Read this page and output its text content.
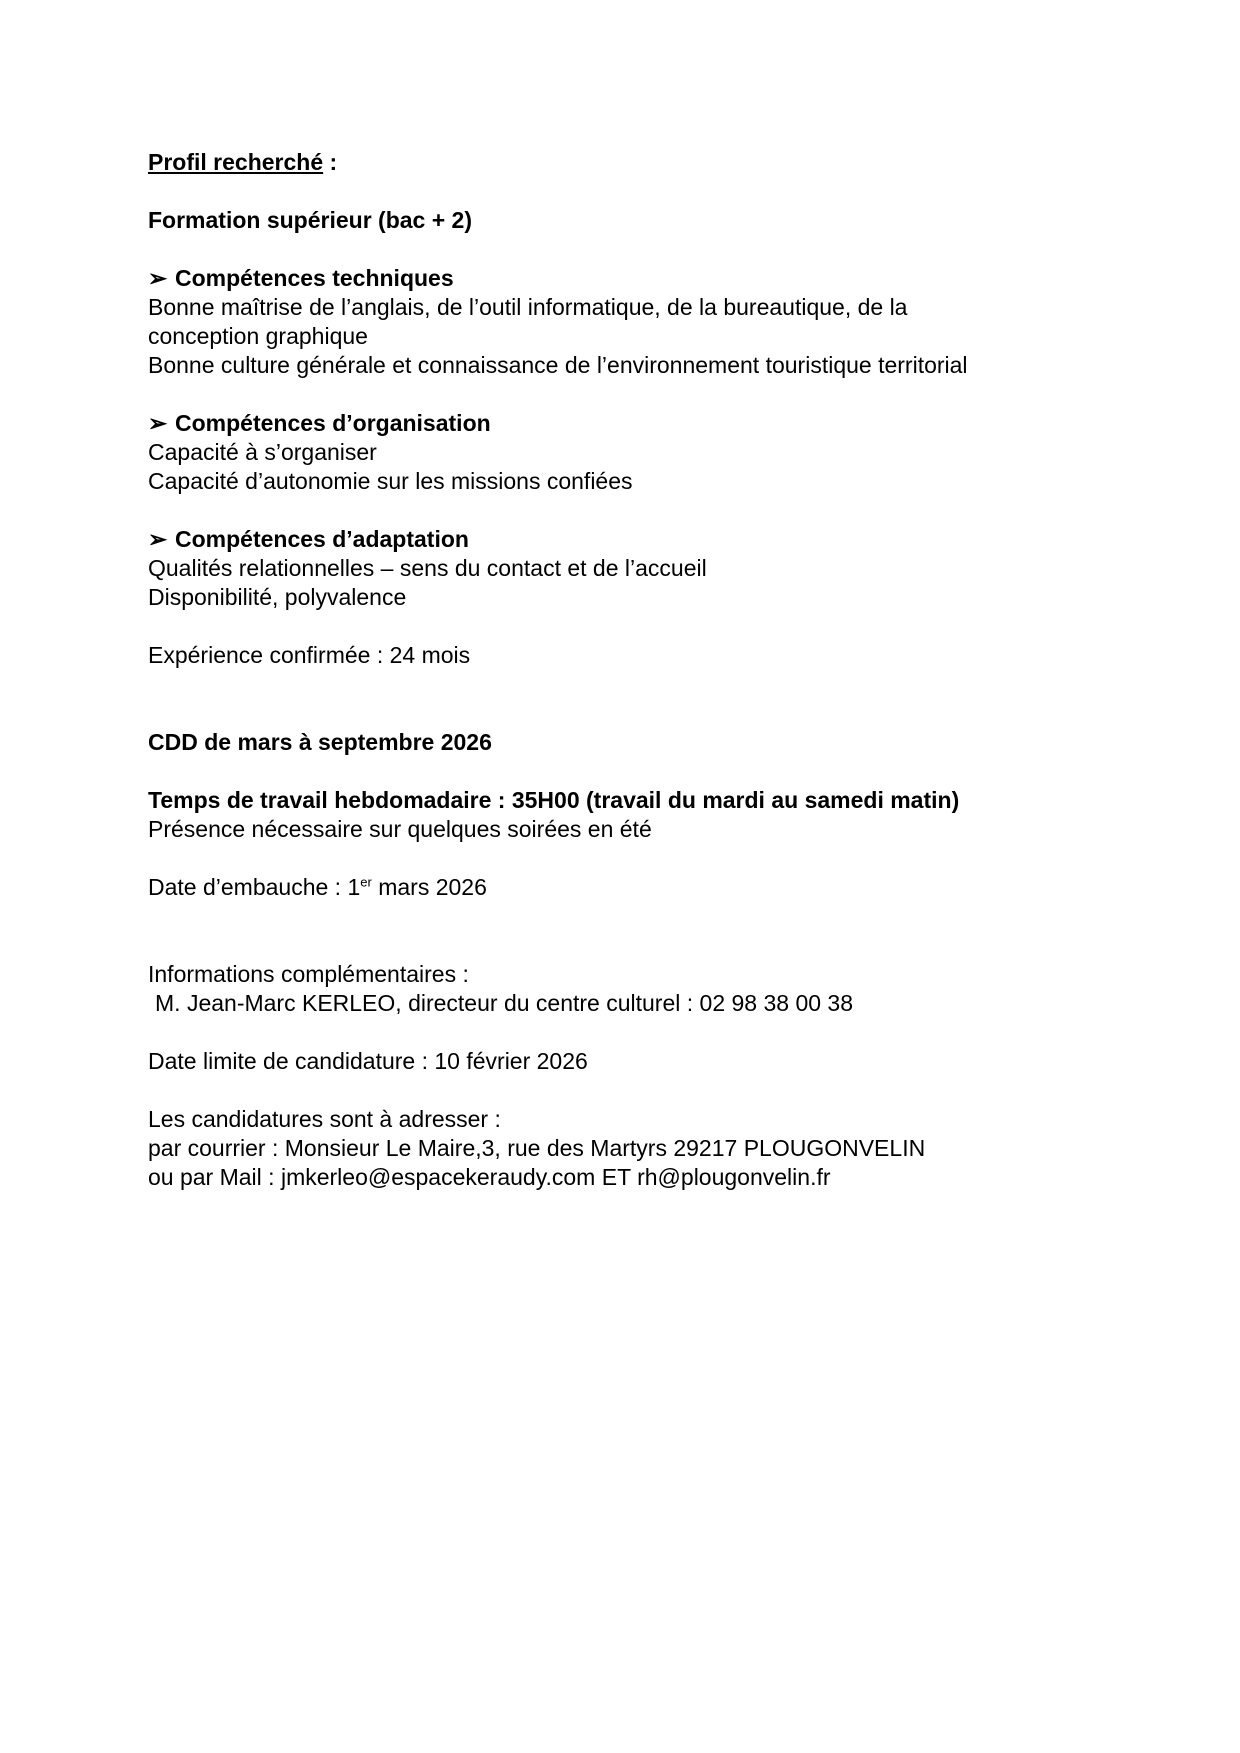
Profil recherché :
Formation supérieur (bac + 2)
➢ Compétences techniques
Bonne maîtrise de l’anglais, de l’outil informatique, de la bureautique, de la
conception graphique
Bonne culture générale et connaissance de l’environnement touristique territorial
➢ Compétences d’organisation
Capacité à s’organiser
Capacité d’autonomie sur les missions confiées
➢ Compétences d’adaptation
Qualités relationnelles – sens du contact et de l’accueil
Disponibilité, polyvalence
Expérience confirmée : 24 mois
CDD de mars à septembre 2026
Temps de travail hebdomadaire : 35H00 (travail du mardi au samedi matin)
Présence nécessaire sur quelques soirées en été
Date d’embauche : 1er mars 2026
Informations complémentaires :
M. Jean-Marc KERLEO, directeur du centre culturel : 02 98 38 00 38
Date limite de candidature : 10 février 2026
Les candidatures sont à adresser :
par courrier : Monsieur Le Maire,3, rue des Martyrs 29217 PLOUGONVELIN
ou par Mail : jmkerleo@espacekeraudy.com ET rh@plougonvelin.fr
